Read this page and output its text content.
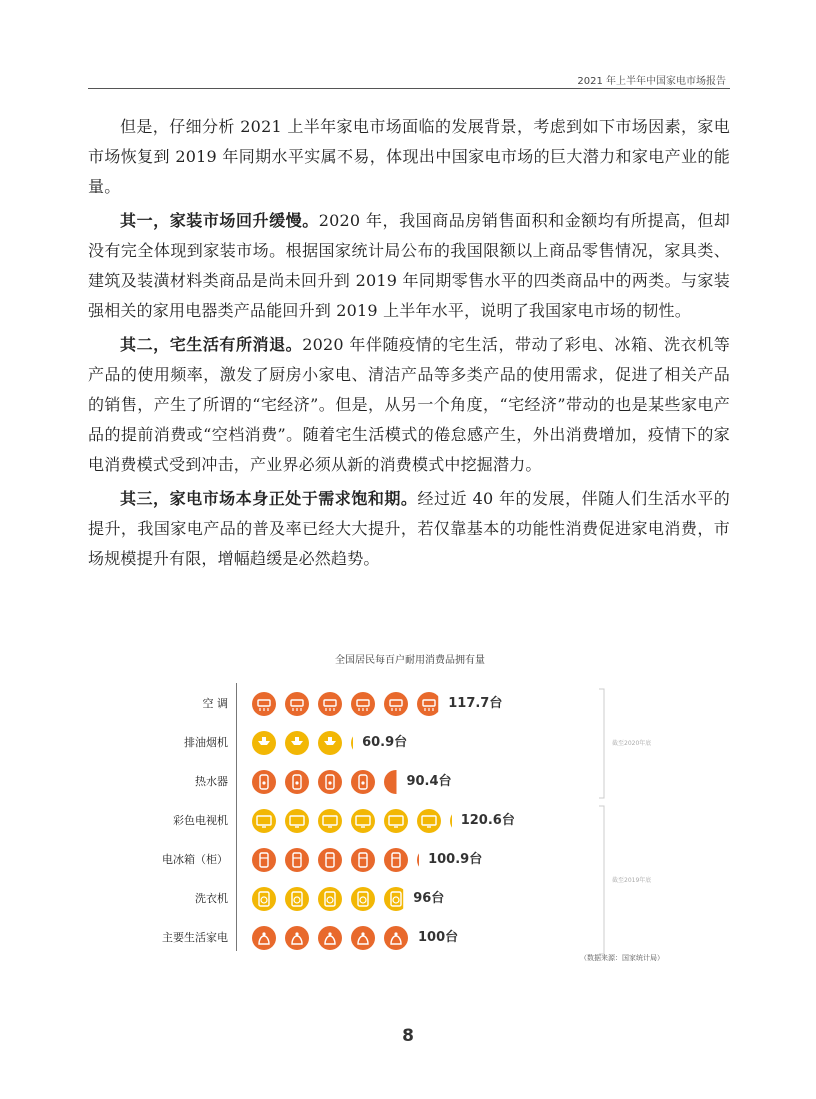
2021 年上半年中国家电市场报告

但是，仔细分析 2021 上半年家电市场面临的发展背景，考虑到如下市场因素，家电市场恢复到 2019 年同期水平实属不易，体现出中国家电市场的巨大潜力和家电产业的能量。

其一，家装市场回升缓慢。2020 年，我国商品房销售面积和金额均有所提高，但却没有完全体现到家装市场。根据国家统计局公布的我国限额以上商品零售情况，家具类、建筑及装潢材料类商品是尚未回升到 2019 年同期零售水平的四类商品中的两类。与家装强相关的家用电器类产品能回升到 2019 上半年水平，说明了我国家电市场的韧性。

其二，宅生活有所消退。2020 年伴随疫情的宅生活，带动了彩电、冰箱、洗衣机等产品的使用频率，激发了厨房小家电、清洁产品等多类产品的使用需求，促进了相关产品的销售，产生了所谓的“宅经济”。但是，从另一个角度，“宅经济”带动的也是某些家电产品的提前消费或“空档消费”。随着宅生活模式的倦怠感产生，外出消费增加，疫情下的家电消费模式受到冲击，产业界必须从新的消费模式中挖掘潜力。

其三，家电市场本身正处于需求饱和期。经过近 40 年的发展，伴随人们生活水平的提升，我国家电产品的普及率已经大大提升，若仅靠基本的功能性消费促进家电消费，市场规模提升有限，增幅趋缓是必然趋势。

全国居民每百户耐用消费品拥有量
空 调	117.7台
排油烟机	60.9台
热水器	90.4台
彩色电视机	120.6台
电冰箱（柜）	100.9台
洗衣机	96台
主要生活家电	100台
截至2020年底
截至2019年底
（数据来源：国家统计局）
8
